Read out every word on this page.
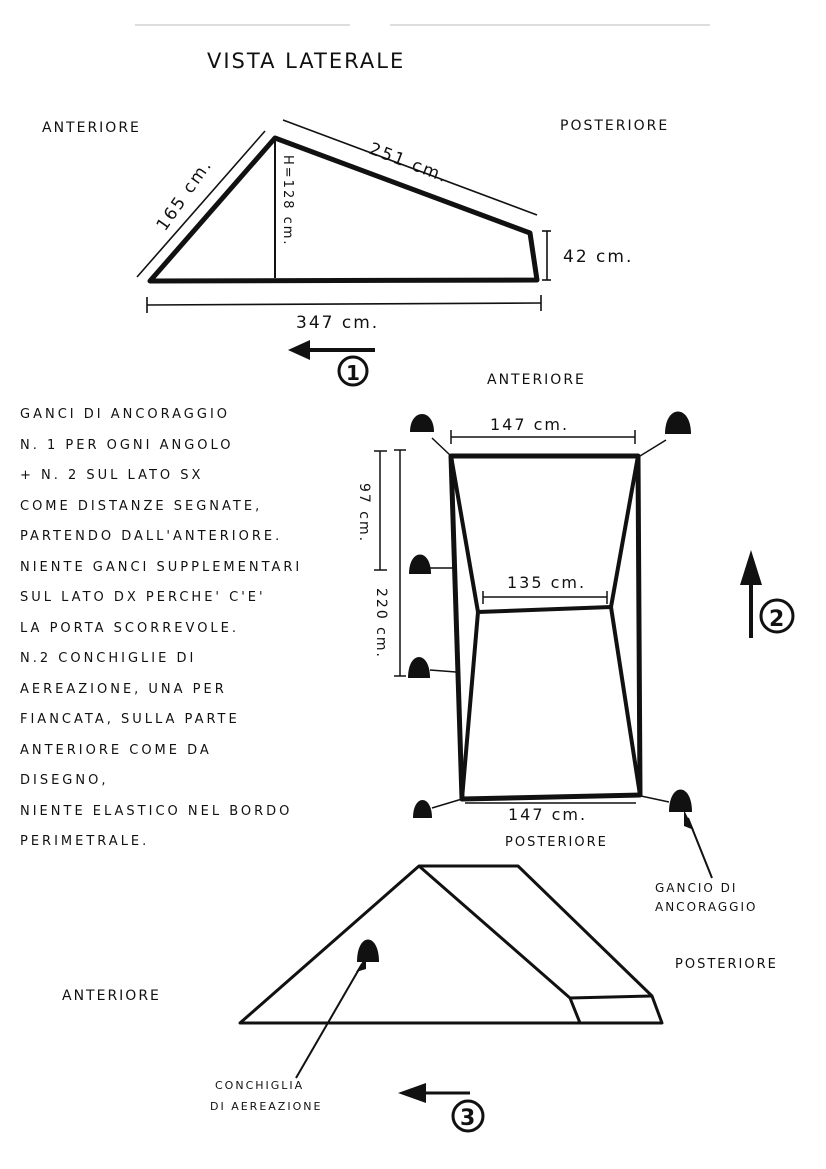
VISTA LATERALE
ANTERIORE	POSTERIORE
165 cm.	251 cm.
H=128 cm.
42 cm.
347 cm.
1	ANTERIORE
POSTERIORE
147 cm.
135 cm.
147 cm.
97 cm.
220 cm.
GANCIO DI
ANCORAGGIO
2
ANTERIORE
POSTERIORE
CONCHIGLIA
DI AEREAZIONE	3
GANCI DI ANCORAGGIO
N. 1 PER OGNI ANGOLO
+ N. 2 SUL LATO SX
COME DISTANZE SEGNATE,
PARTENDO DALL'ANTERIORE.
NIENTE GANCI SUPPLEMENTARI
SUL LATO DX PERCHE' C'E'
LA PORTA SCORREVOLE.
N.2 CONCHIGLIE DI
AEREAZIONE, UNA PER
FIANCATA, SULLA PARTE
ANTERIORE COME DA
DISEGNO,
NIENTE ELASTICO NEL BORDO
PERIMETRALE.
